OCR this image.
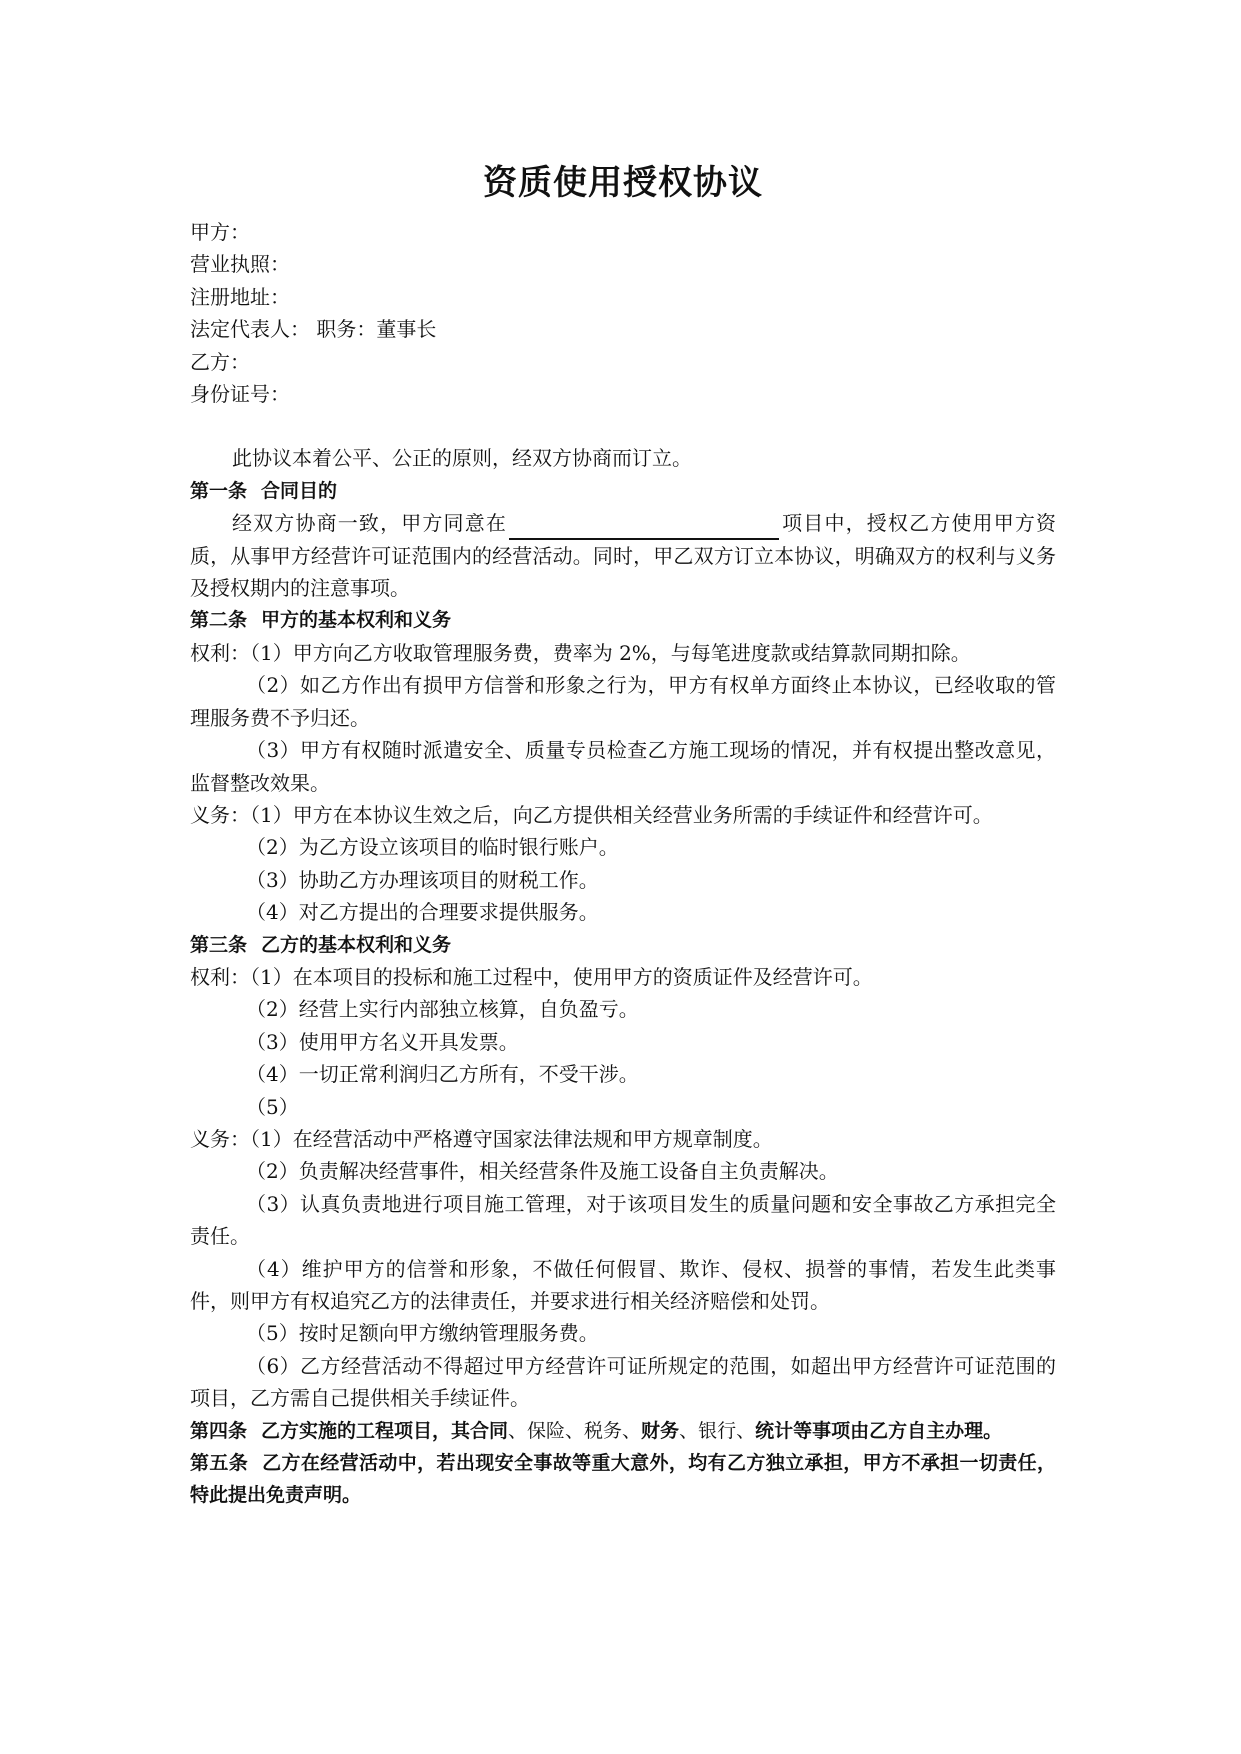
资质使用授权协议
甲方：
营业执照：
注册地址：
法定代表人： 职务：董事长
乙方：
身份证号：
此协议本着公平、公正的原则，经双方协商而订立。
第一条 合同目的
经双方协商一致，甲方同意在	项目中，授权乙方使用甲方资质，从事甲方经营许可证范围内的经营活动。同时，甲乙双方订立本协议，明确双方的权利与义务及授权期内的注意事项。
第二条 甲方的基本权利和义务
权利：（1）甲方向乙方收取管理服务费，费率为 2%，与每笔进度款或结算款同期扣除。
（2）如乙方作出有损甲方信誉和形象之行为，甲方有权单方面终止本协议，已经收取的管理服务费不予归还。
（3）甲方有权随时派遣安全、质量专员检查乙方施工现场的情况，并有权提出整改意见，监督整改效果。
义务：（1）甲方在本协议生效之后，向乙方提供相关经营业务所需的手续证件和经营许可。
（2）为乙方设立该项目的临时银行账户。
（3）协助乙方办理该项目的财税工作。
（4）对乙方提出的合理要求提供服务。
第三条 乙方的基本权利和义务
权利：（1）在本项目的投标和施工过程中，使用甲方的资质证件及经营许可。
（2）经营上实行内部独立核算，自负盈亏。
（3）使用甲方名义开具发票。
（4）一切正常利润归乙方所有，不受干涉。
（5）
义务：（1）在经营活动中严格遵守国家法律法规和甲方规章制度。
（2）负责解决经营事件，相关经营条件及施工设备自主负责解决。
（3）认真负责地进行项目施工管理，对于该项目发生的质量问题和安全事故乙方承担完全责任。
（4）维护甲方的信誉和形象，不做任何假冒、欺诈、侵权、损誉的事情，若发生此类事件，则甲方有权追究乙方的法律责任，并要求进行相关经济赔偿和处罚。
（5）按时足额向甲方缴纳管理服务费。
（6）乙方经营活动不得超过甲方经营许可证所规定的范围，如超出甲方经营许可证范围的项目，乙方需自己提供相关手续证件。
第四条 乙方实施的工程项目，其合同、保险、税务、财务、银行、统计等事项由乙方自主办理。
第五条 乙方在经营活动中，若出现安全事故等重大意外，均有乙方独立承担，甲方不承担一切责任，特此提出免责声明。
